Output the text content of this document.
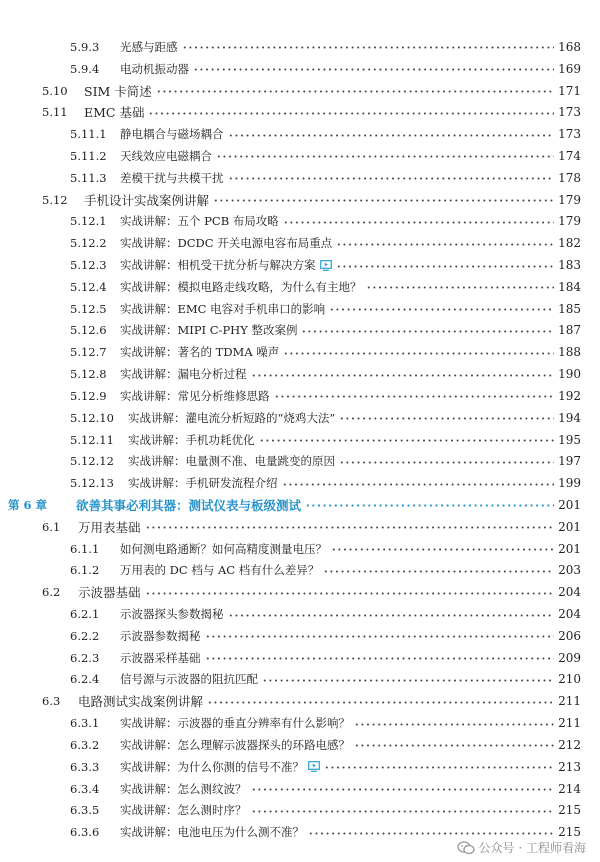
5.9.3	光感与距感	168
5.9.4	电动机振动器	169
5.10	SIM 卡简述	171
5.11	EMC 基础	173
5.11.1	静电耦合与磁场耦合	173
5.11.2	天线效应电磁耦合	174
5.11.3	差模干扰与共模干扰	178
5.12	手机设计实战案例讲解	179
5.12.1	实战讲解：五个 PCB 布局攻略	179
5.12.2	实战讲解：DCDC 开关电源电容布局重点	182
5.12.3	实战讲解：相机受干扰分析与解决方案	183
5.12.4	实战讲解：模拟电路走线攻略，为什么有主地？	184
5.12.5	实战讲解：EMC 电容对手机串口的影响	185
5.12.6	实战讲解：MIPI C-PHY 整改案例	187
5.12.7	实战讲解：著名的 TDMA 噪声	188
5.12.8	实战讲解：漏电分析过程	190
5.12.9	实战讲解：常见分析维修思路	192
5.12.10	实战讲解：灌电流分析短路的“烧鸡大法”	194
5.12.11	实战讲解：手机功耗优化	195
5.12.12	实战讲解：电量测不准、电量跳变的原因	197
5.12.13	实战讲解：手机研发流程介绍	199
第 6 章	欲善其事必利其器：测试仪表与板级测试	201
6.1	万用表基础	201
6.1.1	如何测电路通断？如何高精度测量电压？	201
6.1.2	万用表的 DC 档与 AC 档有什么差异？	203
6.2	示波器基础	204
6.2.1	示波器探头参数揭秘	204
6.2.2	示波器参数揭秘	206
6.2.3	示波器采样基础	209
6.2.4	信号源与示波器的阻抗匹配	210
6.3	电路测试实战案例讲解	211
6.3.1	实战讲解：示波器的垂直分辨率有什么影响？	211
6.3.2	实战讲解：怎么理解示波器探头的环路电感？	212
6.3.3	实战讲解：为什么你测的信号不准？	213
6.3.4	实战讲解：怎么测纹波？	214
6.3.5	实战讲解：怎么测时序？	215
6.3.6	实战讲解：电池电压为什么测不准？	215
公众号 · 工程师看海
